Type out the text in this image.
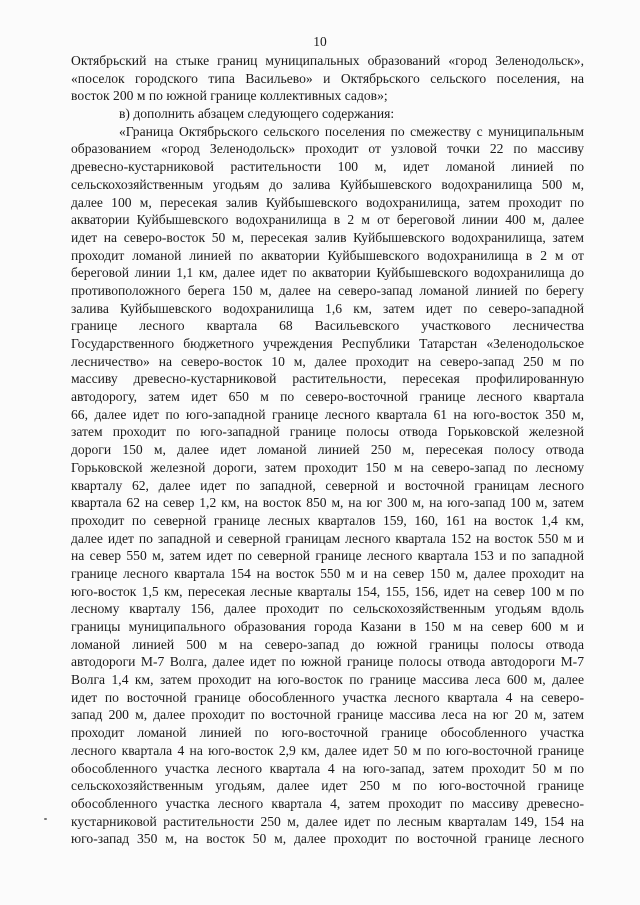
10
Октябрьский на стыке границ муниципальных образований «город Зеленодольск»,
«поселок городского типа Васильево» и Октябрьского сельского поселения, на
восток 200 м по южной границе коллективных садов»;
в) дополнить абзацем следующего содержания:
«Граница Октябрьского сельского поселения по смежеству с муниципальным
образованием «город Зеленодольск» проходит от узловой точки 22 по массиву
древесно-кустарниковой растительности 100 м, идет ломаной линией по
сельскохозяйственным угодьям до залива Куйбышевского водохранилища 500 м,
далее 100 м, пересекая залив Куйбышевского водохранилища, затем проходит по
акватории Куйбышевского водохранилища в 2 м от береговой линии 400 м, далее
идет на северо-восток 50 м, пересекая залив Куйбышевского водохранилища, затем
проходит ломаной линией по акватории Куйбышевского водохранилища в 2 м от
береговой линии 1,1 км, далее идет по акватории Куйбышевского водохранилища до
противоположного берега 150 м, далее на северо-запад ломаной линией по берегу
залива Куйбышевского водохранилища 1,6 км, затем идет по северо-западной
границе лесного квартала 68 Васильевского участкового лесничества
Государственного бюджетного учреждения Республики Татарстан «Зеленодольское
лесничество» на северо-восток 10 м, далее проходит на северо-запад 250 м по
массиву древесно-кустарниковой растительности, пересекая профилированную
автодорогу, затем идет 650 м по северо-восточной границе лесного квартала
66, далее идет по юго-западной границе лесного квартала 61 на юго-восток 350 м,
затем проходит по юго-западной границе полосы отвода Горьковской железной
дороги 150 м, далее идет ломаной линией 250 м, пересекая полосу отвода
Горьковской железной дороги, затем проходит 150 м на северо-запад по лесному
кварталу 62, далее идет по западной, северной и восточной границам лесного
квартала 62 на север 1,2 км, на восток 850 м, на юг 300 м, на юго-запад 100 м, затем
проходит по северной границе лесных кварталов 159, 160, 161 на восток 1,4 км,
далее идет по западной и северной границам лесного квартала 152 на восток 550 м и
на север 550 м, затем идет по северной границе лесного квартала 153 и по западной
границе лесного квартала 154 на восток 550 м и на север 150 м, далее проходит на
юго-восток 1,5 км, пересекая лесные кварталы 154, 155, 156, идет на север 100 м по
лесному кварталу 156, далее проходит по сельскохозяйственным угодьям вдоль
границы муниципального образования города Казани в 150 м на север 600 м и
ломаной линией 500 м на северо-запад до южной границы полосы отвода
автодороги М-7 Волга, далее идет по южной границе полосы отвода автодороги М-7
Волга 1,4 км, затем проходит на юго-восток по границе массива леса 600 м, далее
идет по восточной границе обособленного участка лесного квартала 4 на северо-
запад 200 м, далее проходит по восточной границе массива леса на юг 20 м, затем
проходит ломаной линией по юго-восточной границе обособленного участка
лесного квартала 4 на юго-восток 2,9 км, далее идет 50 м по юго-восточной границе
обособленного участка лесного квартала 4 на юго-запад, затем проходит 50 м по
сельскохозяйственным угодьям, далее идет 250 м по юго-восточной границе
обособленного участка лесного квартала 4, затем проходит по массиву древесно-
кустарниковой растительности 250 м, далее идет по лесным кварталам 149, 154 на
юго-запад 350 м, на восток 50 м, далее проходит по восточной границе лесного
